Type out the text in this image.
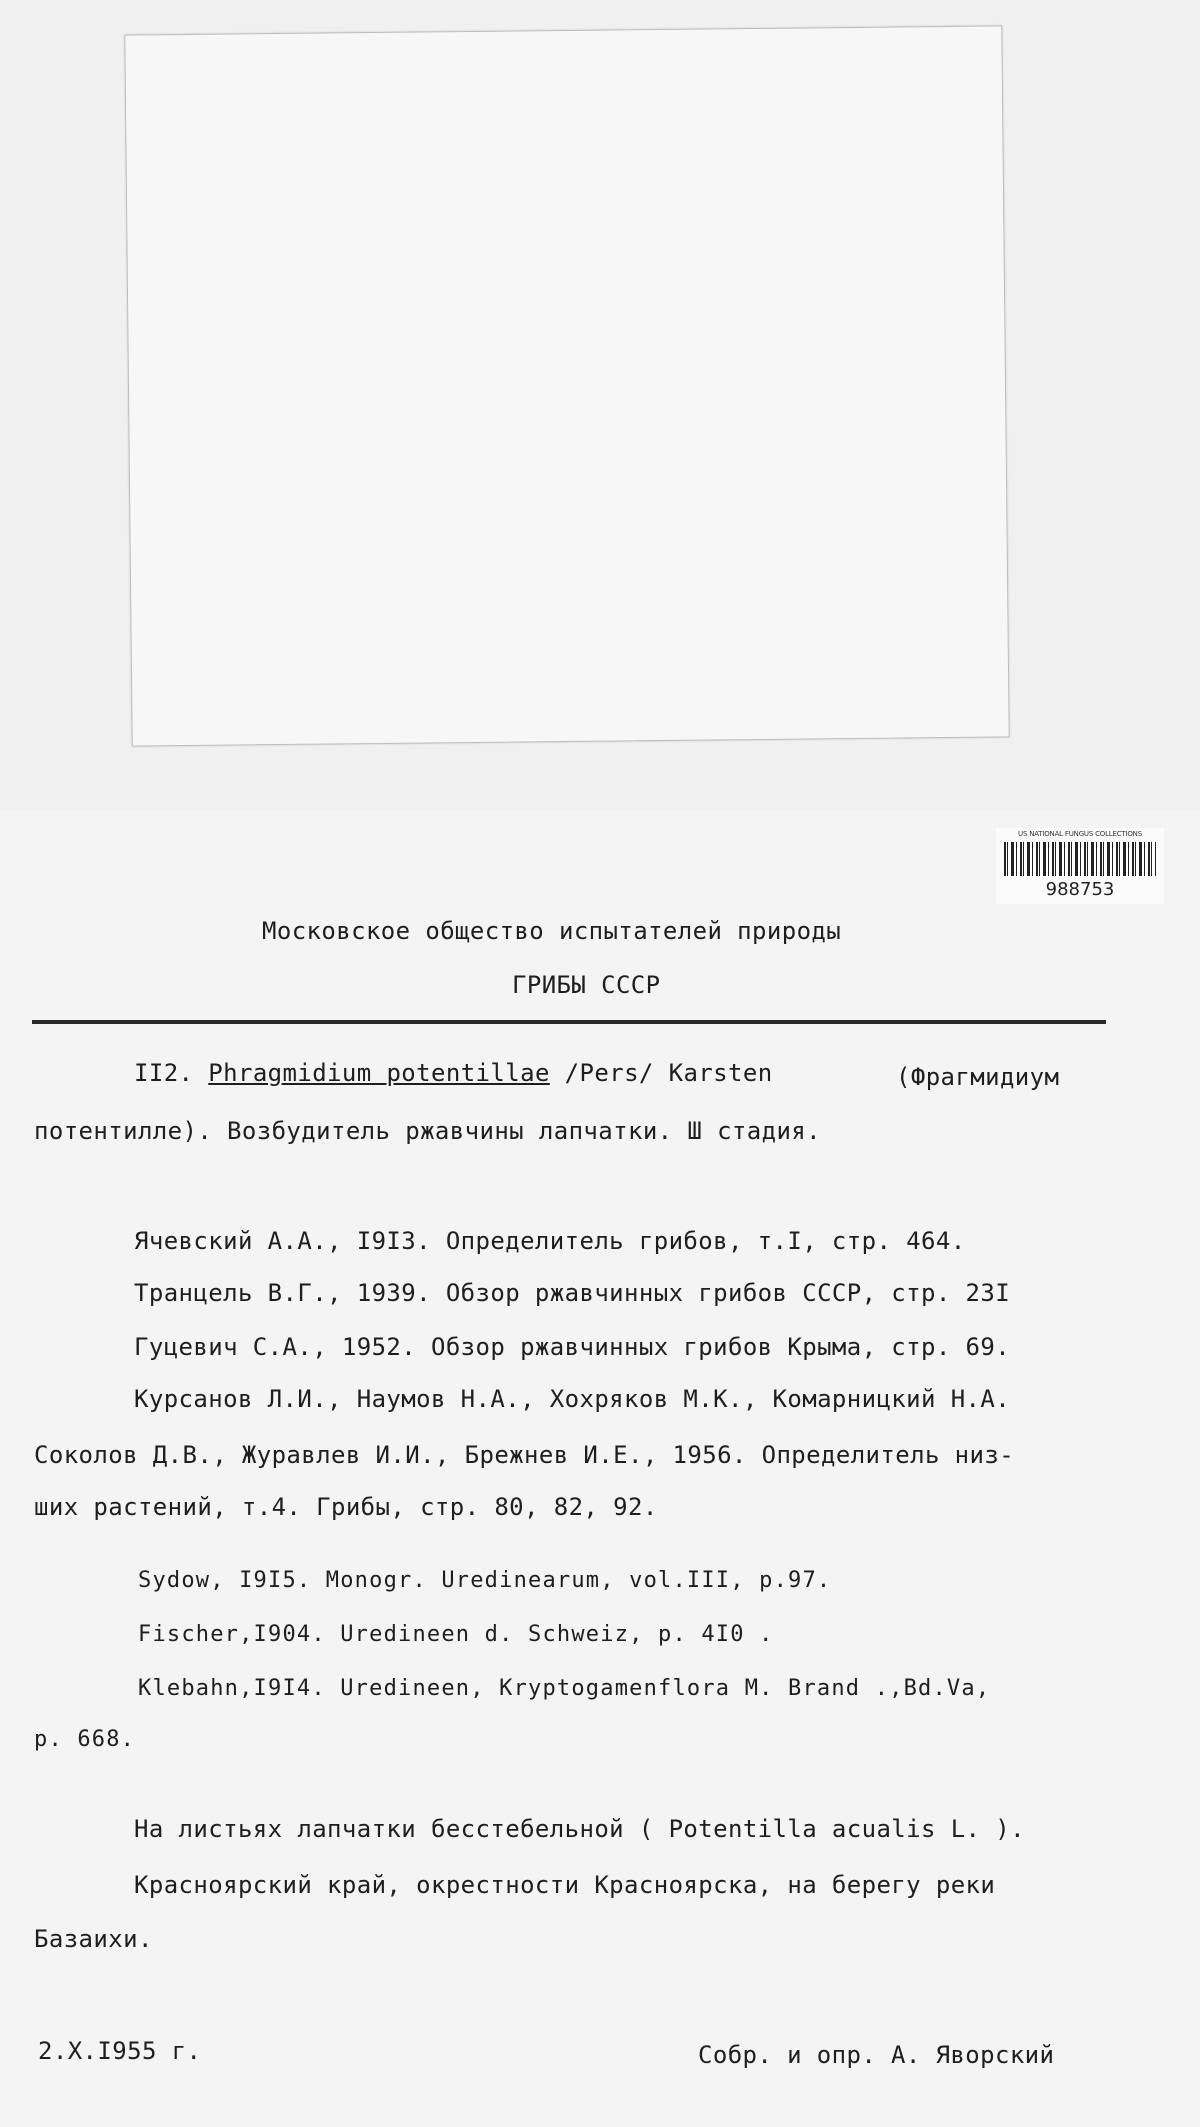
US NATIONAL FUNGUS COLLECTIONS
988753
Московское общество испытателей природы
ГРИБЫ СССР
II2. Phragmidium potentillae /Pers/ Karsten	(Фрагмидиум
потентилле). Возбудитель ржавчины лапчатки. Ш стадия.
Ячевский А.А., I9I3. Определитель грибов, т.I, стр. 464.
Транцель В.Г., 1939. Обзор ржавчинных грибов СССР, стр. 23I
Гуцевич С.А., 1952. Обзор ржавчинных грибов Крыма, стр. 69.
Курсанов Л.И., Наумов Н.А., Хохряков М.К., Комарницкий Н.А.
Соколов Д.В., Журавлев И.И., Брежнев И.Е., 1956. Определитель низ-
ших растений, т.4. Грибы, стр. 80, 82, 92.
Sydow, I9I5. Monogr. Uredinearum, vol.III, p.97.
Fischer,I904. Uredineen d. Schweiz, p. 4I0 .
Klebahn,I9I4. Uredineen, Kryptogamenflora M. Brand .,Bd.Va,
p. 668.
На листьях лапчатки бесстебельной ( Potentilla acualis L. ).
Красноярский край, окрестности Красноярска, на берегу реки
Базаихи.
2.X.I955 г.	Собр. и опр. А. Яворский
